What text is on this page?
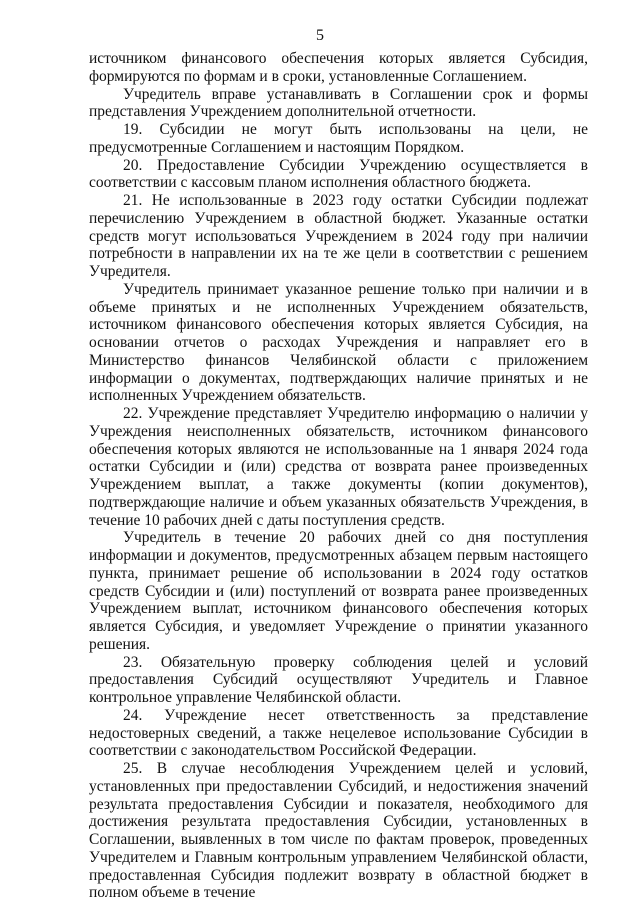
5

источником финансового обеспечения которых является Субсидия, формируются по формам и в сроки, установленные Соглашением.

Учредитель вправе устанавливать в Соглашении срок и формы представления Учреждением дополнительной отчетности.

19. Субсидии не могут быть использованы на цели, не предусмотренные Соглашением и настоящим Порядком.

20. Предоставление Субсидии Учреждению осуществляется в соответствии с кассовым планом исполнения областного бюджета.

21. Не использованные в 2023 году остатки Субсидии подлежат перечислению Учреждением в областной бюджет. Указанные остатки средств могут использоваться Учреждением в 2024 году при наличии потребности в направлении их на те же цели в соответствии с решением Учредителя.

Учредитель принимает указанное решение только при наличии и в объеме принятых и не исполненных Учреждением обязательств, источником финансового обеспечения которых является Субсидия, на основании отчетов о расходах Учреждения и направляет его в Министерство финансов Челябинской области с приложением информации о документах, подтверждающих наличие принятых и не исполненных Учреждением обязательств.

22. Учреждение представляет Учредителю информацию о наличии у Учреждения неисполненных обязательств, источником финансового обеспечения которых являются не использованные на 1 января 2024 года остатки Субсидии и (или) средства от возврата ранее произведенных Учреждением выплат, а также документы (копии документов), подтверждающие наличие и объем указанных обязательств Учреждения, в течение 10 рабочих дней с даты поступления средств.

Учредитель в течение 20 рабочих дней со дня поступления информации и документов, предусмотренных абзацем первым настоящего пункта, принимает решение об использовании в 2024 году остатков средств Субсидии и (или) поступлений от возврата ранее произведенных Учреждением выплат, источником финансового обеспечения которых является Субсидия, и уведомляет Учреждение о принятии указанного решения.

23. Обязательную проверку соблюдения целей и условий предоставления Субсидий осуществляют Учредитель и Главное контрольное управление Челябинской области.

24. Учреждение несет ответственность за представление недостоверных сведений, а также нецелевое использование Субсидии в соответствии с законодательством Российской Федерации.

25. В случае несоблюдения Учреждением целей и условий, установленных при предоставлении Субсидий, и недостижения значений результата предоставления Субсидии и показателя, необходимого для достижения результата предоставления Субсидии, установленных в Соглашении, выявленных в том числе по фактам проверок, проведенных Учредителем и Главным контрольным управлением Челябинской области, предоставленная Субсидия подлежит возврату в областной бюджет в полном объеме в течение
